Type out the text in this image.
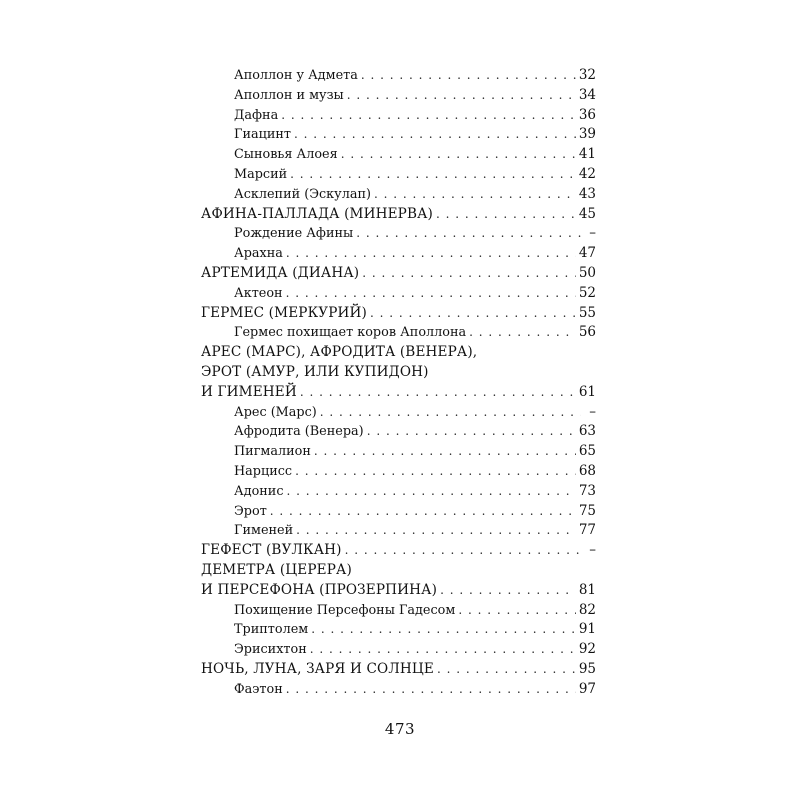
Аполлон у Адмета . . .	32
Аполлон и музы . . .	34
Дафна . . .	36
Гиацинт . . .	39
Сыновья Алоея . . .	41
Марсий . . .	42
Асклепий (Эскулап) . . .	43
АФИНА-ПАЛЛАДА (МИНЕРВА) . . .	45
Рождение Афины . . .	–
Арахна . . .	47
АРТЕМИДА (ДИАНА) . . .	50
Актеон . . .	52
ГЕРМЕС (МЕРКУРИЙ) . . .	55
Гермес похищает коров Аполлона . . .	56
АРЕС (МАРС), АФРОДИТА (ВЕНЕРА),
ЭРОТ (АМУР, ИЛИ КУПИДОН)
И ГИМЕНЕЙ . . .	61
Арес (Марс) . . .	–
Афродита (Венера) . . .	63
Пигмалион . . .	65
Нарцисс . . .	68
Адонис . . .	73
Эрот . . .	75
Гименей . . .	77
ГЕФЕСТ (ВУЛКАН) . . .	–
ДЕМЕТРА (ЦЕРЕРА)
И ПЕРСЕФОНА (ПРОЗЕРПИНА) . . .	81
Похищение Персефоны Гадесом . . .	82
Триптолем . . .	91
Эрисихтон . . .	92
НОЧЬ, ЛУНА, ЗАРЯ И СОЛНЦЕ . . .	95
Фаэтон . . .	97
473
